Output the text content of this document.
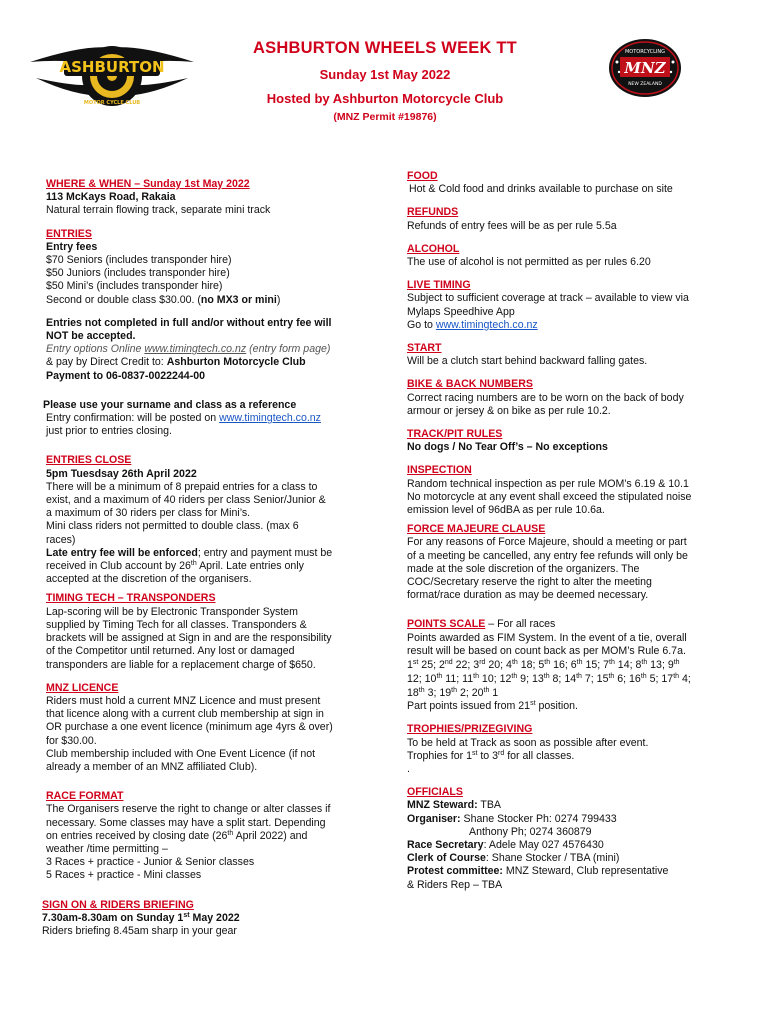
ASHBURTON
MOTOR CYCLE CLUB
MOTORCYCLING
MNZ
NEW ZEALAND
ASHBURTON WHEELS WEEK TT
Sunday 1st May 2022
Hosted by Ashburton Motorcycle Club
(MNZ Permit #19876)
WHERE & WHEN – Sunday 1st May 2022
113 McKays Road, Rakaia
Natural terrain flowing track, separate mini track
ENTRIES
Entry fees
$70 Seniors (includes transponder hire)
$50 Juniors (includes transponder hire)
$50 Mini’s (includes transponder hire)
Second or double class $30.00. (no MX3 or mini)
Entries not completed in full and/or without entry fee will
NOT be accepted.
Entry options Online www.timingtech.co.nz (entry form page)
& pay by Direct Credit to: Ashburton Motorcycle Club
Payment to 06-0837-0022244-00
Please use your surname and class as a reference
Entry confirmation: will be posted on www.timingtech.co.nz
just prior to entries closing.
ENTRIES CLOSE
5pm Tuesdsay 26th April 2022
There will be a minimum of 8 prepaid entries for a class to
exist, and a maximum of 40 riders per class Senior/Junior &
a maximum of 30 riders per class for Mini’s.
Mini class riders not permitted to double class. (max 6
races)
Late entry fee will be enforced; entry and payment must be
received in Club account by 26th April. Late entries only
accepted at the discretion of the organisers.
TIMING TECH – TRANSPONDERS
Lap-scoring will be by Electronic Transponder System
supplied by Timing Tech for all classes. Transponders &
brackets will be assigned at Sign in and are the responsibility
of the Competitor until returned. Any lost or damaged
transponders are liable for a replacement charge of $650.
MNZ LICENCE
Riders must hold a current MNZ Licence and must present
that licence along with a current club membership at sign in
OR purchase a one event licence (minimum age 4yrs & over)
for $30.00.
Club membership included with One Event Licence (if not
already a member of an MNZ affiliated Club).
RACE FORMAT
The Organisers reserve the right to change or alter classes if
necessary. Some classes may have a split start. Depending
on entries received by closing date (26th April 2022) and
weather /time permitting –
3 Races + practice - Junior & Senior classes
5 Races + practice - Mini classes
SIGN ON & RIDERS BRIEFING
7.30am-8.30am on Sunday 1st May 2022
Riders briefing 8.45am sharp in your gear
FOOD
Hot & Cold food and drinks available to purchase on site
REFUNDS
Refunds of entry fees will be as per rule 5.5a
ALCOHOL
The use of alcohol is not permitted as per rules 6.20
LIVE TIMING
Subject to sufficient coverage at track – available to view via
Mylaps Speedhive App
Go to www.timingtech.co.nz
START
Will be a clutch start behind backward falling gates.
BIKE & BACK NUMBERS
Correct racing numbers are to be worn on the back of body
armour or jersey & on bike as per rule 10.2.
TRACK/PIT RULES
No dogs / No Tear Off’s – No exceptions
INSPECTION
Random technical inspection as per rule MOM’s 6.19 & 10.1
No motorcycle at any event shall exceed the stipulated noise
emission level of 96dBA as per rule 10.6a.
FORCE MAJEURE CLAUSE
For any reasons of Force Majeure, should a meeting or part
of a meeting be cancelled, any entry fee refunds will only be
made at the sole discretion of the organizers. The
COC/Secretary reserve the right to alter the meeting
format/race duration as may be deemed necessary.
POINTS SCALE – For all races
Points awarded as FIM System. In the event of a tie, overall
result will be based on count back as per MOM’s Rule 6.7a.
1st 25; 2nd 22; 3rd 20; 4th 18; 5th 16; 6th 15; 7th 14; 8th 13; 9th
12; 10th 11; 11th 10; 12th 9; 13th 8; 14th 7; 15th 6; 16th 5; 17th 4;
18th 3; 19th 2; 20th 1
Part points issued from 21st position.
TROPHIES/PRIZEGIVING
To be held at Track as soon as possible after event.
Trophies for 1st to 3rd for all classes.
.
OFFICIALS
MNZ Steward: TBA
Organiser: Shane Stocker Ph: 0274 799433
Anthony Ph; 0274 360879
Race Secretary: Adele May 027 4576430
Clerk of Course: Shane Stocker / TBA (mini)
Protest committee: MNZ Steward, Club representative
& Riders Rep – TBA
